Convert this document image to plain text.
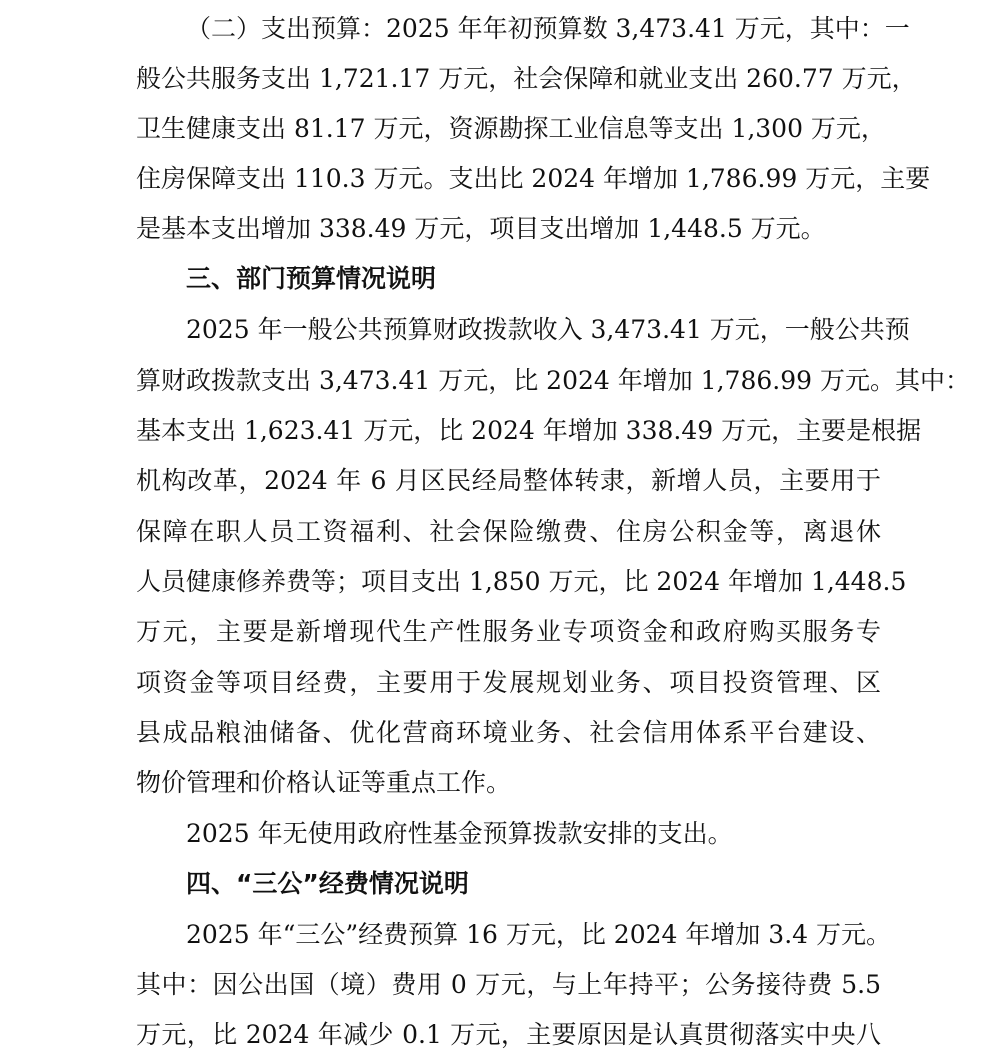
（二）支出预算：2025 年年初预算数 3,473.41 万元，其中：一
般公共服务支出 1,721.17 万元，社会保障和就业支出 260.77 万元，
卫生健康支出 81.17 万元，资源勘探工业信息等支出 1,300 万元，
住房保障支出 110.3 万元。支出比 2024 年增加 1,786.99 万元，主要
是基本支出增加 338.49 万元，项目支出增加 1,448.5 万元。
三、部门预算情况说明
2025 年一般公共预算财政拨款收入 3,473.41 万元，一般公共预
算财政拨款支出 3,473.41 万元，比 2024 年增加 1,786.99 万元。其中：
基本支出 1,623.41 万元，比 2024 年增加 338.49 万元，主要是根据
机构改革，2024 年 6 月区民经局整体转隶，新增人员，主要用于
保障在职人员工资福利、社会保险缴费、住房公积金等，离退休
人员健康修养费等；项目支出 1,850 万元，比 2024 年增加 1,448.5
万元，主要是新增现代生产性服务业专项资金和政府购买服务专
项资金等项目经费，主要用于发展规划业务、项目投资管理、区
县成品粮油储备、优化营商环境业务、社会信用体系平台建设、
物价管理和价格认证等重点工作。
2025 年无使用政府性基金预算拨款安排的支出。
四、“三公”经费情况说明
2025 年“三公”经费预算 16 万元，比 2024 年增加 3.4 万元。
其中：因公出国（境）费用 0 万元，与上年持平；公务接待费 5.5
万元，比 2024 年减少 0.1 万元，主要原因是认真贯彻落实中央八
